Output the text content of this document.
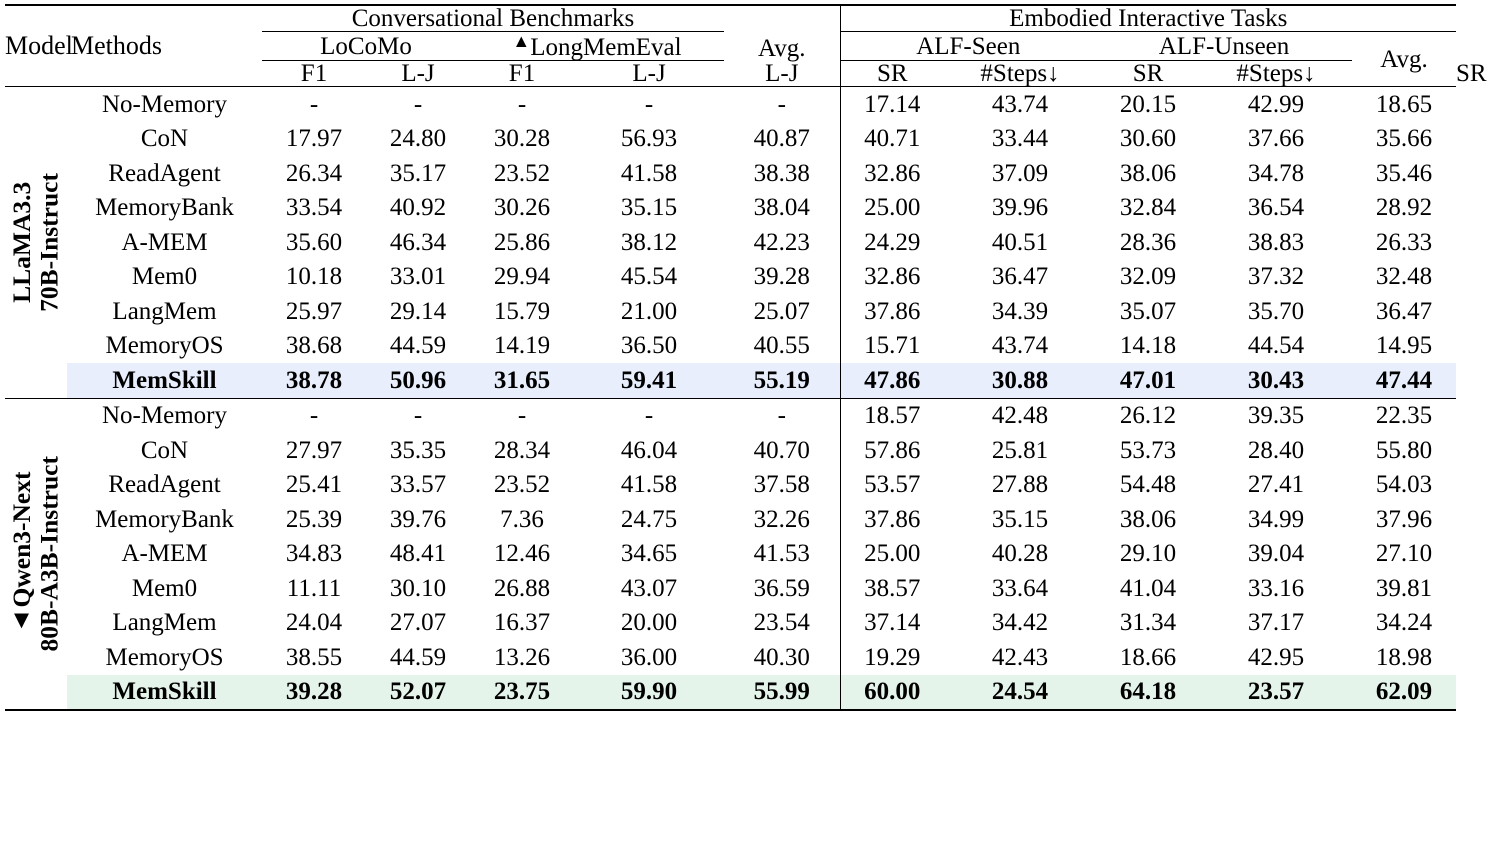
Model	Methods	Conversational Benchmarks				Avg.	Embodied Interactive Tasks					
		LoCoMo		▲LongMemEval			ALF-Seen		ALF-Unseen		Avg.	
		F1	L-J	F1	L-J	L-J	SR	#Steps↓	SR	#Steps↓		SR

LLaMA3.3
70B-Instruct	No-Memory	-	-	-	-	-	17.14	43.74	20.15	42.99	18.65	
	CoN	17.97	24.80	30.28	56.93	40.87	40.71	33.44	30.60	37.66	35.66	
	ReadAgent	26.34	35.17	23.52	41.58	38.38	32.86	37.09	38.06	34.78	35.46	
	MemoryBank	33.54	40.92	30.26	35.15	38.04	25.00	39.96	32.84	36.54	28.92	
	A-MEM	35.60	46.34	25.86	38.12	42.23	24.29	40.51	28.36	38.83	26.33	
	Mem0	10.18	33.01	29.94	45.54	39.28	32.86	36.47	32.09	37.32	32.48	
	LangMem	25.97	29.14	15.79	21.00	25.07	37.86	34.39	35.07	35.70	36.47	
	MemoryOS	38.68	44.59	14.19	36.50	40.55	15.71	43.74	14.18	44.54	14.95	
	MemSkill	38.78	50.96	31.65	59.41	55.19	47.86	30.88	47.01	30.43	47.44	

▲Qwen3-Next
80B-A3B-Instruct	No-Memory	-	-	-	-	-	18.57	42.48	26.12	39.35	22.35	
	CoN	27.97	35.35	28.34	46.04	40.70	57.86	25.81	53.73	28.40	55.80	
	ReadAgent	25.41	33.57	23.52	41.58	37.58	53.57	27.88	54.48	27.41	54.03	
	MemoryBank	25.39	39.76	7.36	24.75	32.26	37.86	35.15	38.06	34.99	37.96	
	A-MEM	34.83	48.41	12.46	34.65	41.53	25.00	40.28	29.10	39.04	27.10	
	Mem0	11.11	30.10	26.88	43.07	36.59	38.57	33.64	41.04	33.16	39.81	
	LangMem	24.04	27.07	16.37	20.00	23.54	37.14	34.42	31.34	37.17	34.24	
	MemoryOS	38.55	44.59	13.26	36.00	40.30	19.29	42.43	18.66	42.95	18.98	
	MemSkill	39.28	52.07	23.75	59.90	55.99	60.00	24.54	64.18	23.57	62.09	
